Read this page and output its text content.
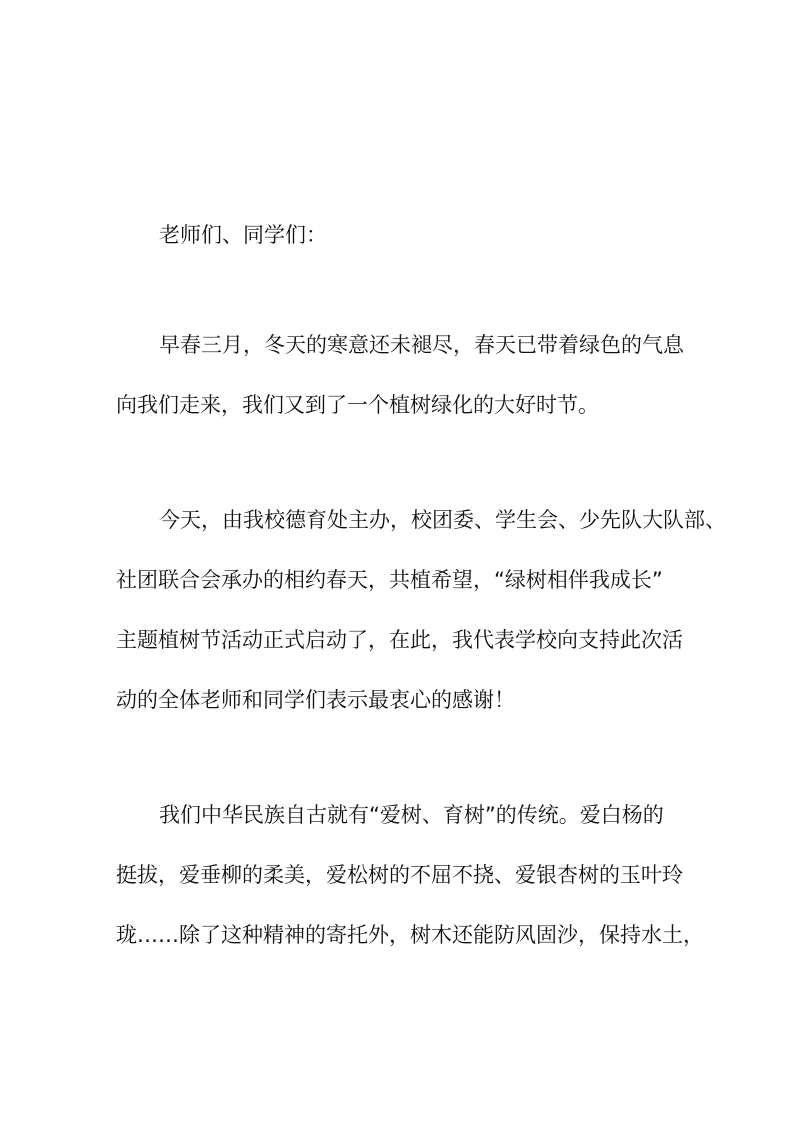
老师们、同学们：
早春三月，冬天的寒意还未褪尽，春天已带着绿色的气息
向我们走来，我们又到了一个植树绿化的大好时节。
今天，由我校德育处主办，校团委、学生会、少先队大队部、
社团联合会承办的相约春天，共植希望，“绿树相伴我成长”
主题植树节活动正式启动了，在此，我代表学校向支持此次活
动的全体老师和同学们表示最衷心的感谢！
我们中华民族自古就有“爱树、育树”的传统。爱白杨的
挺拔，爱垂柳的柔美，爱松树的不屈不挠、爱银杏树的玉叶玲
珑……除了这种精神的寄托外，树木还能防风固沙，保持水土，
